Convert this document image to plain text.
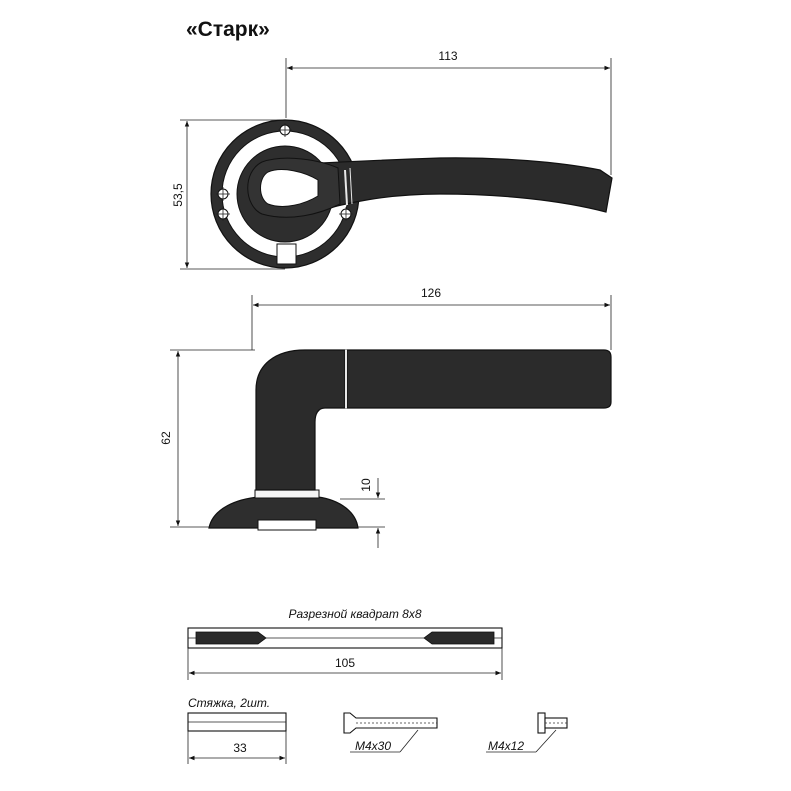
«Старк»
113
53,5
126
62
10
Разрезной квадрат 8х8
105
Стяжка, 2шт.
33	М4х30	М4х12
